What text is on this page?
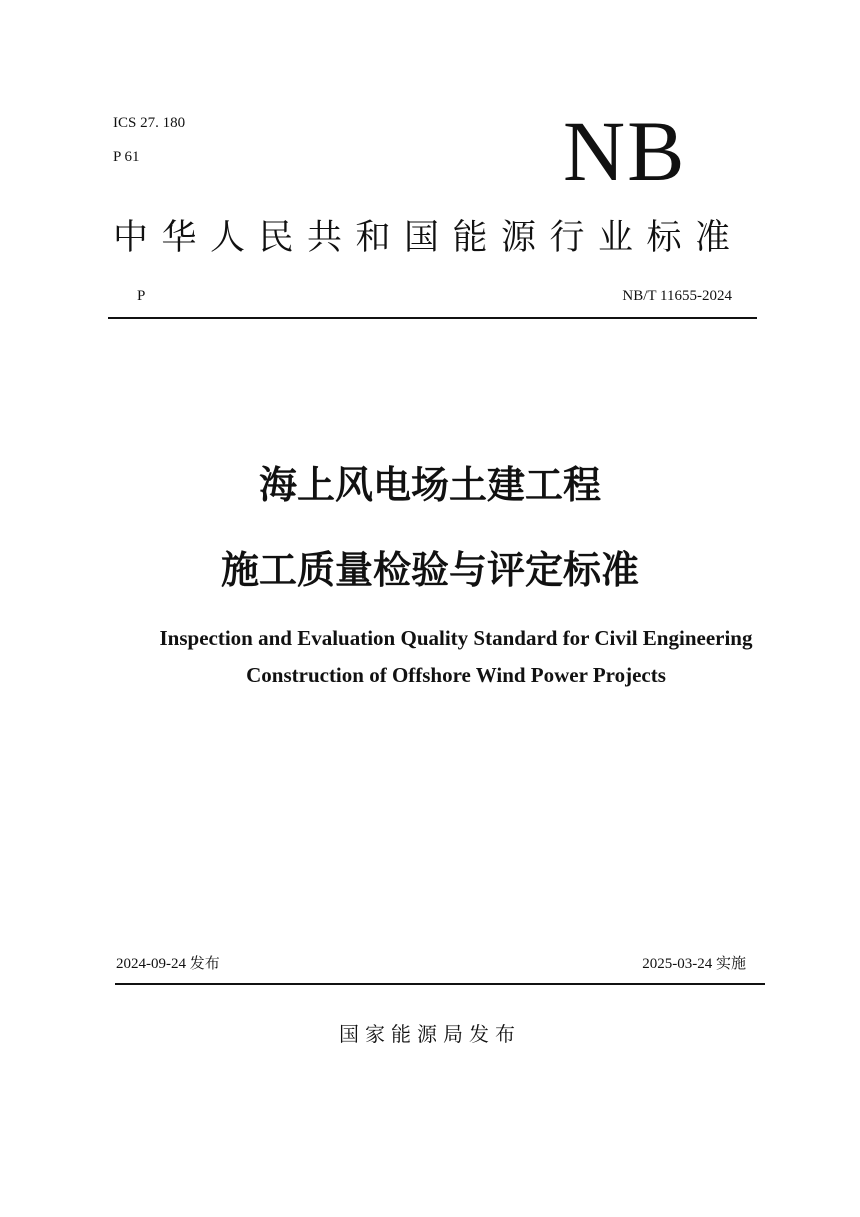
ICS 27. 180
P 61	NB
中华人民共和国能源行业标准
P	NB/T 11655-2024
海上风电场土建工程
施工质量检验与评定标准
Inspection and Evaluation Quality Standard for Civil Engineering
Construction of Offshore Wind Power Projects
2024-09-24 发布	2025-03-24 实施
国家能源局发布
